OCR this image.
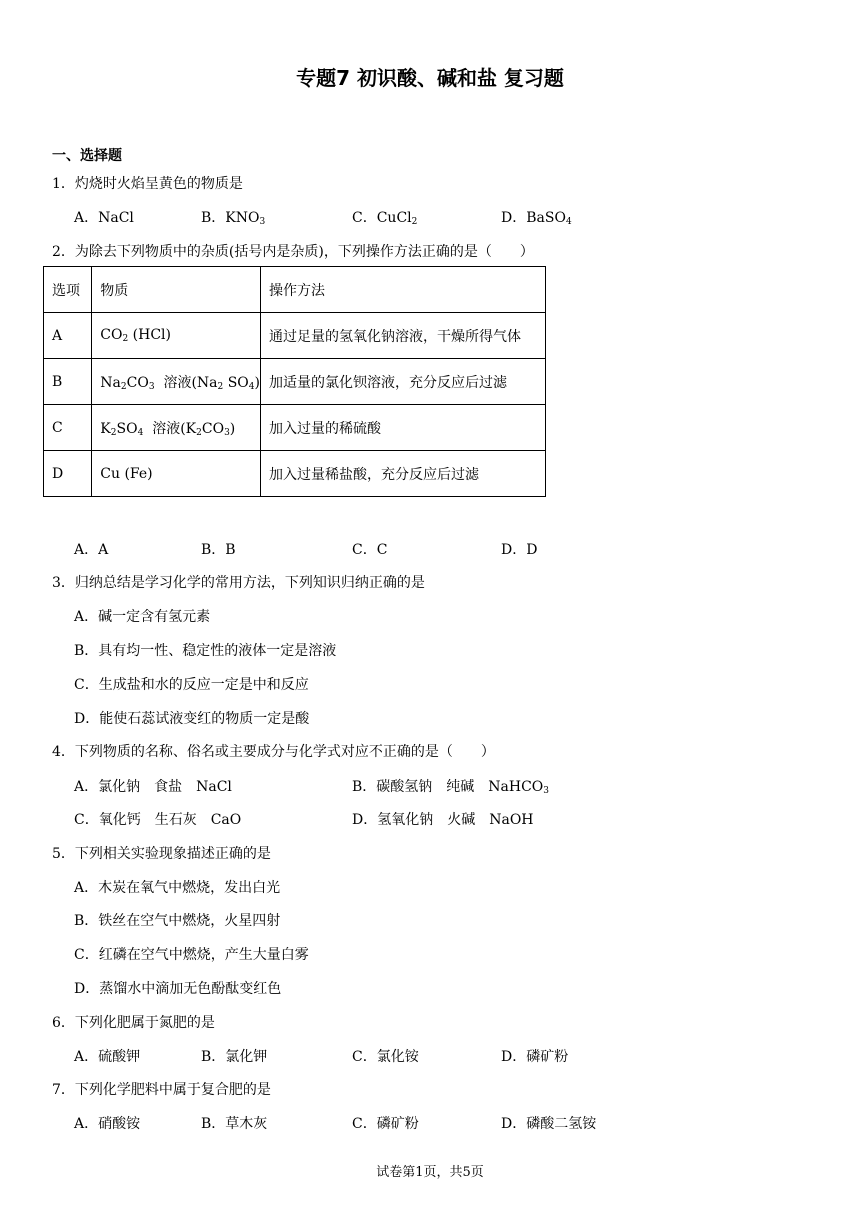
专题7 初识酸、碱和盐 复习题
一、选择题
1．灼烧时火焰呈黄色的物质是
A．NaCl	B．$KNO_3$	C．CuCl$_2$	D．BaSO$_4$
2．为除去下列物质中的杂质(括号内是杂质)，下列操作方法正确的是（　　）
选项	物质	操作方法
A	$CO_2$ (HCl)	通过足量的氢氧化钠溶液，干燥所得气体
B	$Na_2CO_3$  溶液($Na_2$ $SO_4$)	加适量的氯化钡溶液，充分反应后过滤
C	$K_2SO_4$  溶液$(K_2CO_3)$	加入过量的稀硫酸
D	Cu (Fe)	加入过量稀盐酸，充分反应后过滤
A．A	B．B	C．C	D．D
3．归纳总结是学习化学的常用方法，下列知识归纳正确的是
A．碱一定含有氢元素
B．具有均一性、稳定性的液体一定是溶液
C．生成盐和水的反应一定是中和反应
D．能使石蕊试液变红的物质一定是酸
4．下列物质的名称、俗名或主要成分与化学式对应不正确的是（　　）
A．氯化钠　食盐　NaCl	B．碳酸氢钠　纯碱　NaHCO$_3$
C．氧化钙　生石灰　CaO	D．氢氧化钠　火碱　NaOH
5．下列相关实验现象描述正确的是
A．木炭在氧气中燃烧，发出白光
B．铁丝在空气中燃烧，火星四射
C．红磷在空气中燃烧，产生大量白雾
D．蒸馏水中滴加无色酚酞变红色
6．下列化肥属于氮肥的是
A．硫酸钾	B．氯化钾	C．氯化铵	D．磷矿粉
7．下列化学肥料中属于复合肥的是
A．硝酸铵	B．草木灰	C．磷矿粉	D．磷酸二氢铵
试卷第1页，共5页
